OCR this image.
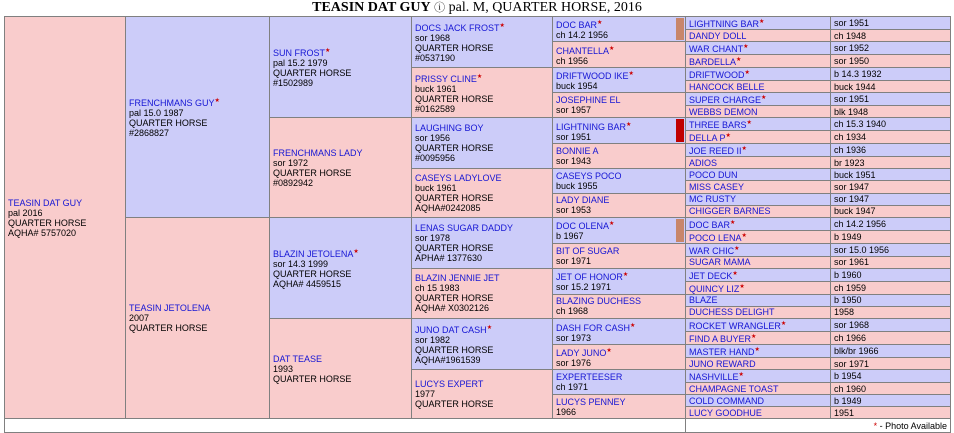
TEASIN DAT GUY ⓘ pal. M, QUARTER HORSE, 2016
TEASIN DAT GUY
pal 2016
QUARTER HORSE
AQHA# 5757020	FRENCHMANS GUY★
pal 15.0 1987
QUARTER HORSE
#2868827	SUN FROST★
pal 15.2 1979
QUARTER HORSE
#1502989	DOCS JACK FROST★
sor 1968
QUARTER HORSE
#0537190	DOC BAR★
ch 14.2 1956	LIGHTNING BAR★	sor 1951
					DANDY DOLL	ch 1948
				CHANTELLA★
ch 1956	WAR CHANT★	sor 1952
					BARDELLA★	sor 1950
			PRISSY CLINE★
buck 1961
QUARTER HORSE
#0162589	DRIFTWOOD IKE★
buck 1954	DRIFTWOOD★	b 14.3 1932
					HANCOCK BELLE	buck 1944
				JOSEPHINE EL
sor 1957	SUPER CHARGE★	sor 1951
					WEBBS DEMON	blk 1948
		FRENCHMANS LADY
sor 1972
QUARTER HORSE
#0892942	LAUGHING BOY
sor 1956
QUARTER HORSE
#0095956	LIGHTNING BAR★
sor 1951	THREE BARS★	ch 15.3 1940
					DELLA P★	ch 1934
				BONNIE A
sor 1943	JOE REED II★	ch 1936
					ADIOS	br 1923
			CASEYS LADYLOVE
buck 1961
QUARTER HORSE
AQHA#0242085	CASEYS POCO
buck 1955	POCO DUN	buck 1951
					MISS CASEY	sor 1947
				LADY DIANE
sor 1953	MC RUSTY	sor 1947
					CHIGGER BARNES	buck 1947
	TEASIN JETOLENA
2007
QUARTER HORSE	BLAZIN JETOLENA★
sor 14.3 1999
QUARTER HORSE
AQHA# 4459515	LENAS SUGAR DADDY
sor 1978
QUARTER HORSE
APHA# 1377630	DOC OLENA★
b 1967	DOC BAR★	ch 14.2 1956
					POCO LENA★	b 1949
				BIT OF SUGAR
sor 1971	WAR CHIC★	sor 15.0 1956
					SUGAR MAMA	sor 1961
			BLAZIN JENNIE JET
ch 15 1983
QUARTER HORSE
AQHA# X0302126	JET OF HONOR★
sor 15.2 1971	JET DECK★	b 1960
					QUINCY LIZ★	ch 1959
				BLAZING DUCHESS
ch 1968	BLAZE	b 1950
					DUCHESS DELIGHT	1958
		DAT TEASE
1993
QUARTER HORSE	JUNO DAT CASH★
sor 1982
QUARTER HORSE
AQHA#1961539	DASH FOR CASH★
sor 1973	ROCKET WRANGLER★	sor 1968
					FIND A BUYER★	ch 1966
				LADY JUNO★
sor 1976	MASTER HAND★	blk/br 1966
					JUNO REWARD	sor 1971
			LUCYS EXPERT
1977
QUARTER HORSE	EXPERTEESER
ch 1971	NASHVILLE★	b 1954
					CHAMPAGNE TOAST	ch 1960
				LUCYS PENNEY
1966	COLD COMMAND	b 1949
					LUCY GOODHUE	1951
					* - Photo Available	
